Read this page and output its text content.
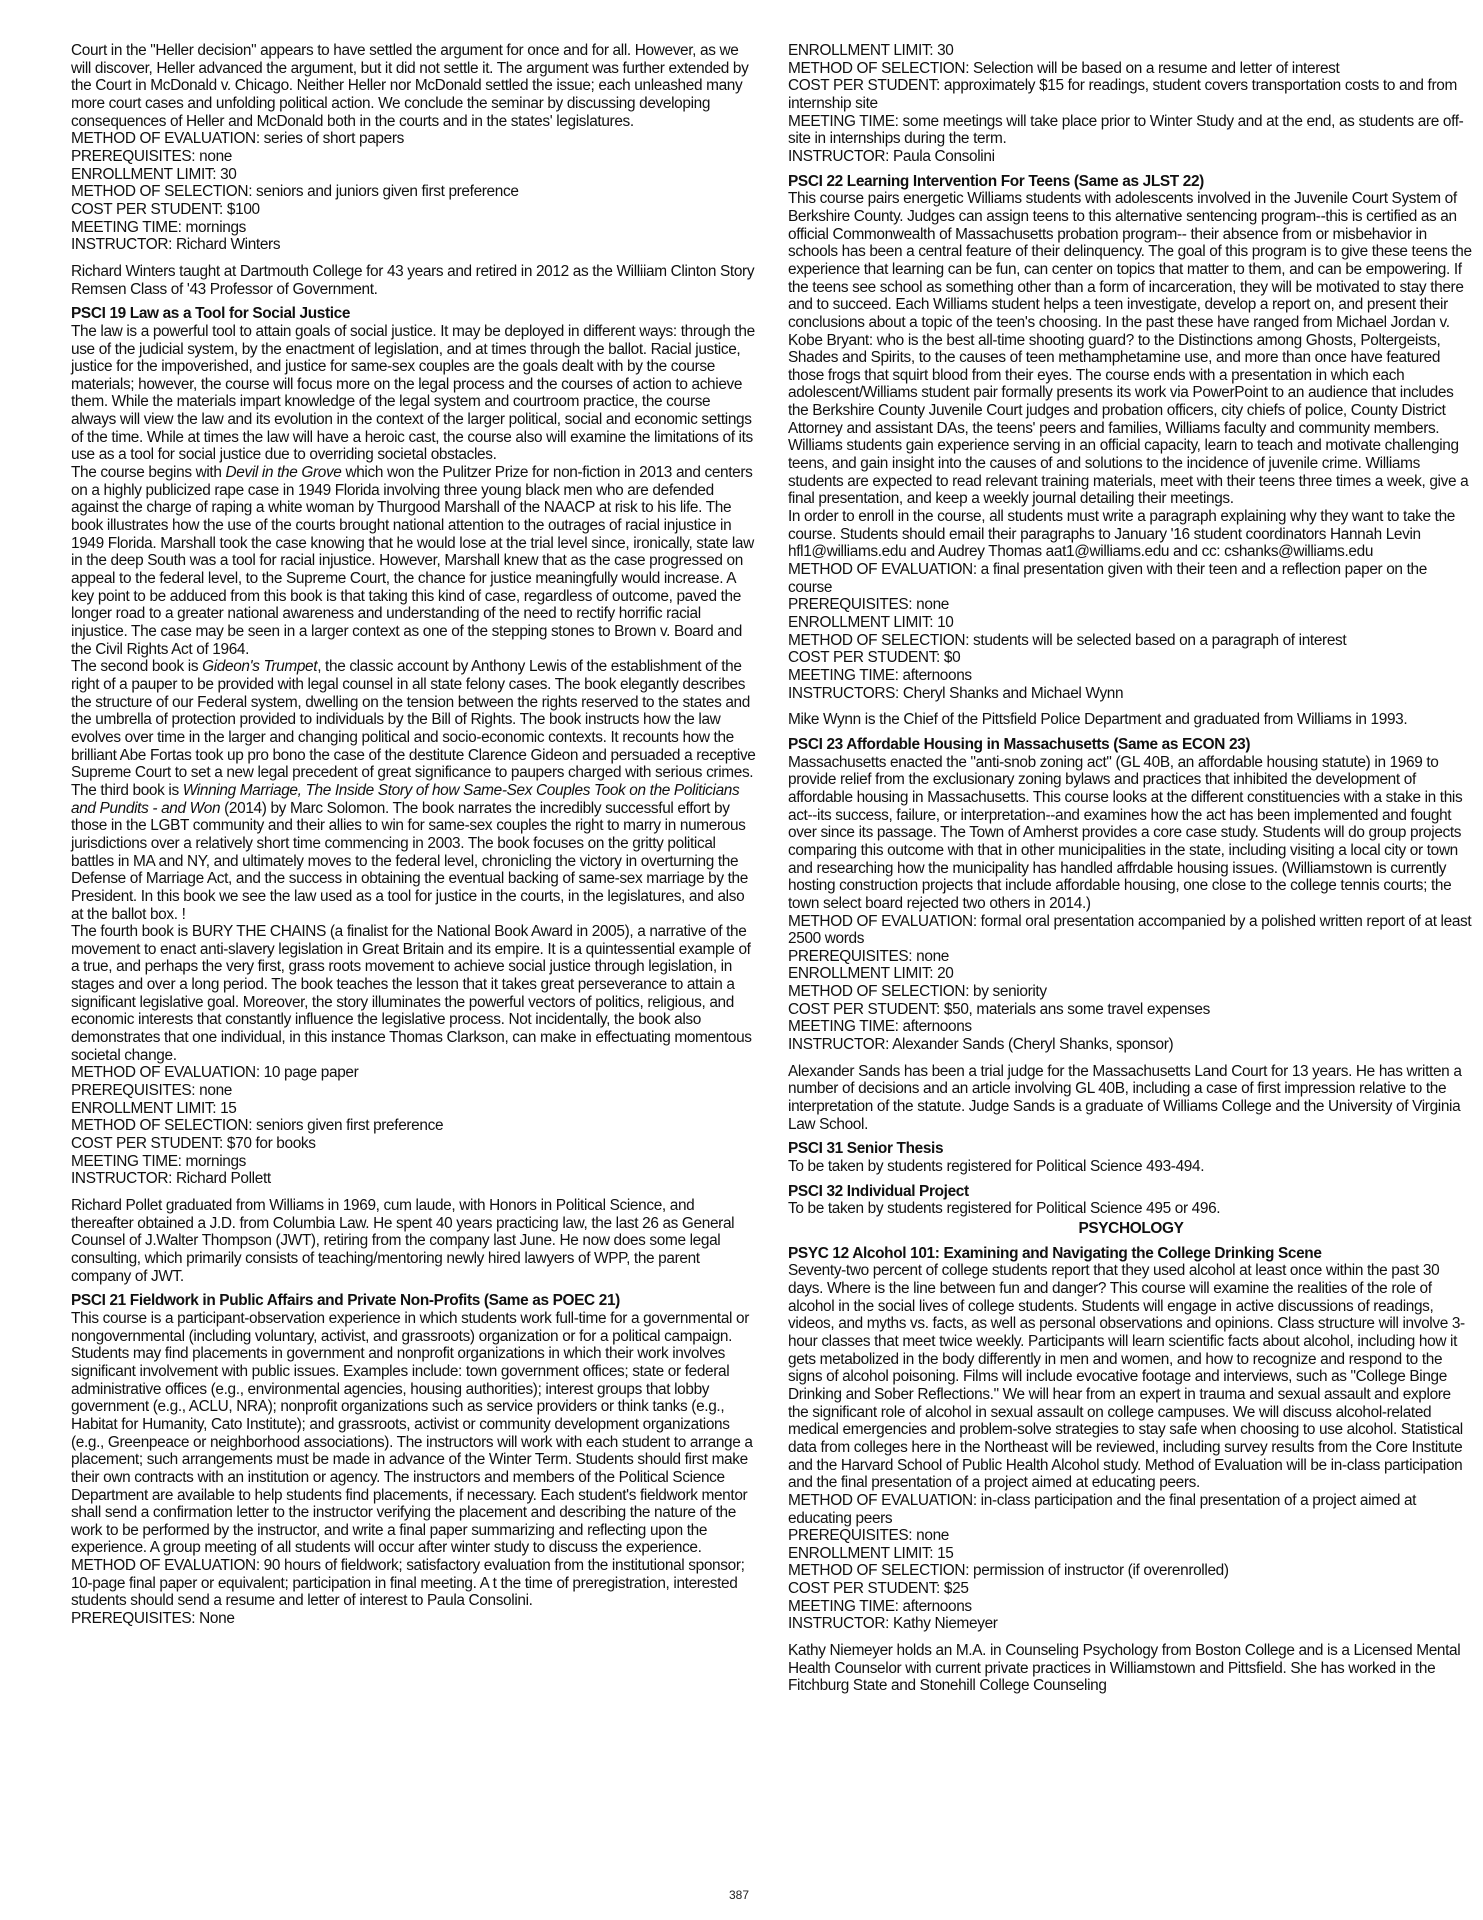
Court in the "Heller decision" appears to have settled the argument for once and for all. However, as we will discover, Heller advanced the argument, but it did not settle it. The argument was further extended by the Court in McDonald v. Chicago. Neither Heller nor McDonald settled the issue; each unleashed many more court cases and unfolding political action. We conclude the seminar by discussing developing consequences of Heller and McDonald both in the courts and in the states' legislatures.

METHOD OF EVALUATION: series of short papers

PREREQUISITES: none

ENROLLMENT LIMIT: 30

METHOD OF SELECTION: seniors and juniors given first preference

COST PER STUDENT: $100

MEETING TIME: mornings

INSTRUCTOR: Richard Winters

Richard Winters taught at Dartmouth College for 43 years and retired in 2012 as the Williiam Clinton Story Remsen Class of '43 Professor of Government.

PSCI 19 Law as a Tool for Social Justice

The law is a powerful tool to attain goals of social justice. It may be deployed in different ways: through the use of the judicial system, by the enactment of legislation, and at times through the ballot. Racial justice, justice for the impoverished, and justice for same-sex couples are the goals dealt with by the course materials; however, the course will focus more on the legal process and the courses of action to achieve them. While the materials impart knowledge of the legal system and courtroom practice, the course always will view the law and its evolution in the context of the larger political, social and economic settings of the time. While at times the law will have a heroic cast, the course also will examine the limitations of its use as a tool for social justice due to overriding societal obstacles.

The course begins with Devil in the Grove which won the Pulitzer Prize for non-fiction in 2013 and centers on a highly publicized rape case in 1949 Florida involving three young black men who are defended against the charge of raping a white woman by Thurgood Marshall of the NAACP at risk to his life. The book illustrates how the use of the courts brought national attention to the outrages of racial injustice in 1949 Florida. Marshall took the case knowing that he would lose at the trial level since, ironically, state law in the deep South was a tool for racial injustice. However, Marshall knew that as the case progressed on appeal to the federal level, to the Supreme Court, the chance for justice meaningfully would increase. A key point to be adduced from this book is that taking this kind of case, regardless of outcome, paved the longer road to a greater national awareness and understanding of the need to rectify horrific racial injustice. The case may be seen in a larger context as one of the stepping stones to Brown v. Board and the Civil Rights Act of 1964.

The second book is Gideon's Trumpet, the classic account by Anthony Lewis of the establishment of the right of a pauper to be provided with legal counsel in all state felony cases. The book elegantly describes the structure of our Federal system, dwelling on the tension between the rights reserved to the states and the umbrella of protection provided to individuals by the Bill of Rights. The book instructs how the law evolves over time in the larger and changing political and socio-economic contexts. It recounts how the brilliant Abe Fortas took up pro bono the case of the destitute Clarence Gideon and persuaded a receptive

Supreme Court to set a new legal precedent of great significance to paupers charged with serious crimes.

The third book is Winning Marriage, The Inside Story of how Same-Sex Couples Took on the Politicians and Pundits - and Won (2014) by Marc Solomon. The book narrates the incredibly successful effort by those in the LGBT community and their allies to win for same-sex couples the right to marry in numerous jurisdictions over a relatively short time commencing in 2003. The book focuses on the gritty political battles in MA and NY, and ultimately moves to the federal level, chronicling the victory in overturning the Defense of Marriage Act, and the success in obtaining the eventual backing of same-sex marriage by the President. In this book we see the law used as a tool for justice in the courts, in the legislatures, and also at the ballot box. !

The fourth book is BURY THE CHAINS (a finalist for the National Book Award in 2005), a narrative of the movement to enact anti-slavery legislation in Great Britain and its empire. It is a quintessential example of a true, and perhaps the very first, grass roots movement to achieve social justice through legislation, in stages and over a long period. The book teaches the lesson that it takes great perseverance to attain a significant legislative goal. Moreover, the story illuminates the powerful vectors of politics, religious, and economic interests that constantly influence the legislative process. Not incidentally, the book also demonstrates that one individual, in this instance Thomas Clarkson, can make in effectuating momentous societal change.

METHOD OF EVALUATION: 10 page paper

PREREQUISITES: none

ENROLLMENT LIMIT: 15

METHOD OF SELECTION: seniors given first preference

COST PER STUDENT: $70 for books

MEETING TIME: mornings

INSTRUCTOR: Richard Pollett

Richard Pollet graduated from Williams in 1969, cum laude, with Honors in Political Science, and thereafter obtained a J.D. from Columbia Law. He spent 40 years practicing law, the last 26 as General Counsel of J.Walter Thompson (JWT), retiring from the company last June. He now does some legal consulting, which primarily consists of teaching/mentoring newly hired lawyers of WPP, the parent company of JWT.

PSCI 21 Fieldwork in Public Affairs and Private Non-Profits (Same as POEC 21)

This course is a participant-observation experience in which students work full-time for a governmental or nongovernmental (including voluntary, activist, and grassroots) organization or for a political campaign. Students may find placements in government and nonprofit organizations in which their work involves significant involvement with public issues. Examples include: town government offices; state or federal administrative offices (e.g., environmental agencies, housing authorities); interest groups that lobby government (e.g., ACLU, NRA); nonprofit organizations such as service providers or think tanks (e.g., Habitat for Humanity, Cato Institute); and grassroots, activist or community development organizations (e.g., Greenpeace or neighborhood associations). The instructors will work with each student to arrange a placement; such arrangements must be made in advance of the Winter Term. Students should first make their own contracts with an institution or agency. The instructors and members of the Political Science Department are available to help students find placements, if necessary. Each student's fieldwork mentor shall send a confirmation letter to the instructor verifying the placement and describing the nature of the work to be performed by the instructor, and write a final paper summarizing and reflecting upon the experience. A group meeting of all students will occur after winter study to discuss the experience.

METHOD OF EVALUATION: 90 hours of fieldwork; satisfactory evaluation from the institutional sponsor; 10-page final paper or equivalent; participation in final meeting. A t the time of preregistration, interested students should send a resume and letter of interest to Paula Consolini.

PREREQUISITES: None

ENROLLMENT LIMIT: 30

METHOD OF SELECTION: Selection will be based on a resume and letter of interest

COST PER STUDENT: approximately $15 for readings, student covers transportation costs to and from internship site

MEETING TIME: some meetings will take place prior to Winter Study and at the end, as students are off-site in internships during the term.

INSTRUCTOR: Paula Consolini

PSCI 22 Learning Intervention For Teens (Same as JLST 22)

This course pairs energetic Williams students with adolescents involved in the Juvenile Court System of Berkshire County. Judges can assign teens to this alternative sentencing program--this is certified as an official Commonwealth of Massachusetts probation program-- their absence from or misbehavior in schools has been a central feature of their delinquency. The goal of this program is to give these teens the experience that learning can be fun, can center on topics that matter to them, and can be empowering. If the teens see school as something other than a form of incarceration, they will be motivated to stay there and to succeed. Each Williams student helps a teen investigate, develop a report on, and present their conclusions about a topic of the teen's choosing. In the past these have ranged from Michael Jordan v. Kobe Bryant: who is the best all-time shooting guard? to the Distinctions among Ghosts, Poltergeists, Shades and Spirits, to the causes of teen methamphetamine use, and more than once have featured those frogs that squirt blood from their eyes. The course ends with a presentation in which each adolescent/Williams student pair formally presents its work via PowerPoint to an audience that includes the Berkshire County Juvenile Court judges and probation officers, city chiefs of police, County District Attorney and assistant DAs, the teens' peers and families, Williams faculty and community members. Williams students gain experience serving in an official capacity, learn to teach and motivate challenging teens, and gain insight into the causes of and solutions to the incidence of juvenile crime. Williams students are expected to read relevant training materials, meet with their teens three times a week, give a final presentation, and keep a weekly journal detailing their meetings.

In order to enroll in the course, all students must write a paragraph explaining why they want to take the course. Students should email their paragraphs to January '16 student coordinators Hannah Levin hfl1@williams.edu and Audrey Thomas aat1@williams.edu and cc: cshanks@williams.edu

METHOD OF EVALUATION: a final presentation given with their teen and a reflection paper on the course

PREREQUISITES: none

ENROLLMENT LIMIT: 10

METHOD OF SELECTION: students will be selected based on a paragraph of interest

COST PER STUDENT: $0

MEETING TIME: afternoons

INSTRUCTORS: Cheryl Shanks and Michael Wynn

Mike Wynn is the Chief of the Pittsfield Police Department and graduated from Williams in 1993.

PSCI 23 Affordable Housing in Massachusetts (Same as ECON 23)

Massachusetts enacted the "anti-snob zoning act" (GL 40B, an affordable housing statute) in 1969 to provide relief from the exclusionary zoning bylaws and practices that inhibited the development of affordable housing in Massachusetts. This course looks at the different constituencies with a stake in this act--its success, failure, or interpretation--and examines how the act has been implemented and fought over since its passage. The Town of Amherst provides a core case study. Students will do group projects comparing this outcome with that in other municipalities in the state, including visiting a local city or town and researching how the municipality has handled affrdable housing issues. (Williamstown is currently hosting construction projects that include affordable housing, one close to the college tennis courts; the town select board rejected two others in 2014.)

METHOD OF EVALUATION: formal oral presentation accompanied by a polished written report of at least 2500 words

PREREQUISITES: none

ENROLLMENT LIMIT: 20

METHOD OF SELECTION: by seniority

COST PER STUDENT: $50, materials ans some travel expenses

MEETING TIME: afternoons

INSTRUCTOR: Alexander Sands (Cheryl Shanks, sponsor)

Alexander Sands has been a trial judge for the Massachusetts Land Court for 13 years. He has written a number of decisions and an article involving GL 40B, including a case of first impression relative to the interpretation of the statute. Judge Sands is a graduate of Williams College and the University of Virginia Law School.

PSCI 31 Senior Thesis

To be taken by students registered for Political Science 493-494.

PSCI 32 Individual Project

To be taken by students registered for Political Science 495 or 496.

PSYCHOLOGY

PSYC 12 Alcohol 101: Examining and Navigating the College Drinking Scene

Seventy-two percent of college students report that they used alcohol at least once within the past 30 days. Where is the line between fun and danger? This course will examine the realities of the role of alcohol in the social lives of college students. Students will engage in active discussions of readings, videos, and myths vs. facts, as well as personal observations and opinions. Class structure will involve 3-hour classes that meet twice weekly. Participants will learn scientific facts about alcohol, including how it gets metabolized in the body differently in men and women, and how to recognize and respond to the signs of alcohol poisoning. Films will include evocative footage and interviews, such as "College Binge Drinking and Sober Reflections." We will hear from an expert in trauma and sexual assault and explore the significant role of alcohol in sexual assault on college campuses. We will discuss alcohol-related medical emergencies and problem-solve strategies to stay safe when choosing to use alcohol. Statistical data from colleges here in the Northeast will be reviewed, including survey results from the Core Institute and the Harvard School of Public Health Alcohol study. Method of Evaluation will be in-class participation and the final presentation of a project aimed at educating peers.

METHOD OF EVALUATION: in-class participation and the final presentation of a project aimed at educating peers

PREREQUISITES: none

ENROLLMENT LIMIT: 15

METHOD OF SELECTION: permission of instructor (if overenrolled)

COST PER STUDENT: $25

MEETING TIME: afternoons

INSTRUCTOR: Kathy Niemeyer

Kathy Niemeyer holds an M.A. in Counseling Psychology from Boston College and is a Licensed Mental Health Counselor with current private practices in Williamstown and Pittsfield. She has worked in the Fitchburg State and Stonehill College Counseling

387
